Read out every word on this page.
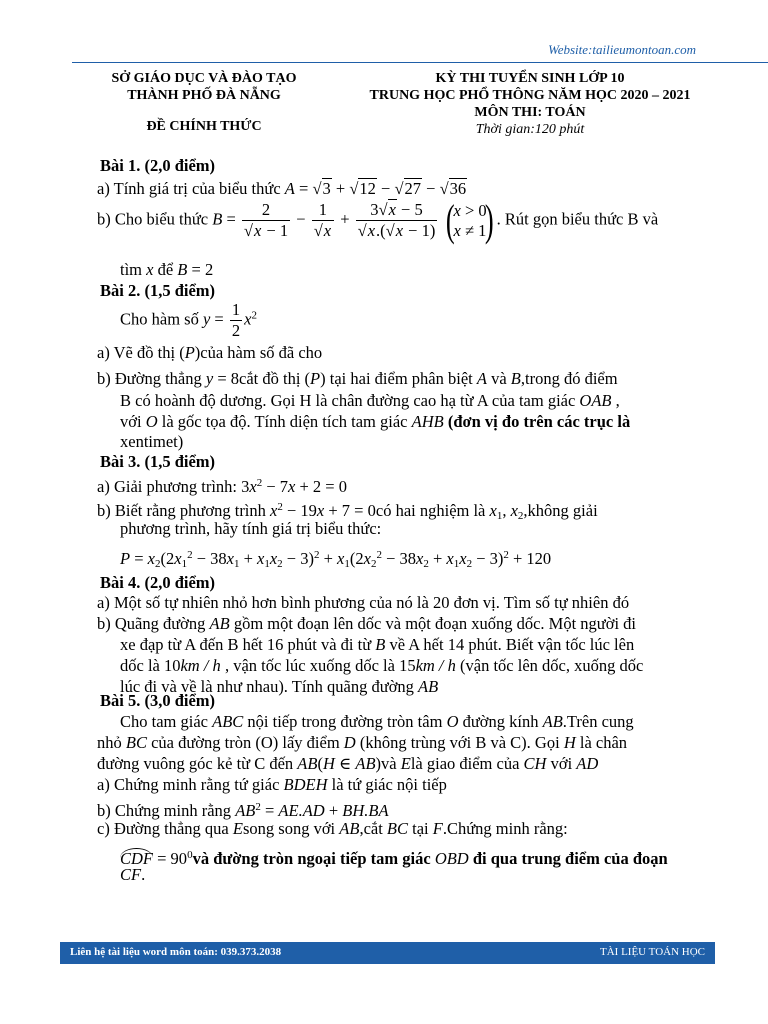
Website:tailieumontoan.com
SỞ GIÁO DỤC VÀ ĐÀO TẠO
THÀNH PHỐ ĐÀ NẴNG
ĐỀ CHÍNH THỨC
KỲ THI TUYỂN SINH LỚP 10
TRUNG HỌC PHỔ THÔNG NĂM HỌC 2020 – 2021
MÔN THI: TOÁN
Thời gian:120 phút
Bài 1. (2,0 điểm)
a) Tính giá trị của biểu thức A = √3 + √12 − √27 − √36
b) Cho biểu thức $B = \frac{2}{√x - 1} - \frac{1}{√x} + \frac{3√x - 5}{√x.(√x - 1)}$

( x > 0
x ≠ 1
). Rút gọn biểu thức B và
tìm x để B = 2
Bài 2. (1,5 điểm)
Cho hàm số $y = \frac{1}{2} x^2$
a) Vẽ đồ thị (P)của hàm số đã cho
b) Đường thẳng y = 8cắt đồ thị (P) tại hai điểm phân biệt A và B,trong đó điểm
B có hoành độ dương. Gọi H là chân đường cao hạ từ A của tam giác OAB ,
với O là gốc tọa độ. Tính diện tích tam giác AHB (đơn vị đo trên các trục là
xentimet)
Bài 3. (1,5 điểm)
a) Giải phương trình: $3x^2 - 7x + 2 = 0$
b) Biết rằng phương trình $x^2 - 19x + 7$ = 0có hai nghiệm là $x_1$, $x_2,không$ giải
phương trình, hãy tính giá trị biểu thức:
$P = x_2(2x_1^2 - 38x_1 + x_1x_2 - 3)^2 + x_1(2x_2^2 - 38x_2 + x_1x_2 - 3)^2 + 120$
Bài 4. (2,0 điểm)
a) Một số tự nhiên nhỏ hơn bình phương của nó là 20 đơn vị. Tìm số tự nhiên đó
b) Quãng đường AB gồm một đoạn lên dốc và một đoạn xuống dốc. Một người đi
xe đạp từ A đến B hết 16 phút và đi từ B về A hết 14 phút. Biết vận tốc lúc lên
dốc là 10km / h , vận tốc lúc xuống dốc là 15km / h (vận tốc lên dốc, xuống dốc
lúc đi và về là như nhau). Tính quãng đường AB
Bài 5. (3,0 điểm)
Cho tam giác ABC nội tiếp trong đường tròn tâm O đường kính AB.Trên cung
nhỏ BC của đường tròn (O) lấy điểm D (không trùng với B và C). Gọi H là chân
đường vuông góc kẻ từ C đến AB(H ∈ AB)và Elà giao điểm của CH với AD
a) Chứng minh rằng tứ giác BDEH là tứ giác nội tiếp
b) Chứng minh rằng $AB^2 = AE.AD + BH.BA$
c) Đường thẳng qua Esong song với AB,cắt BC tại F.Chứng minh rằng:
CDF = $90^0và$ đường tròn ngoại tiếp tam giác OBD đi qua trung điểm của đoạn
CF.
Liên hệ tài liệu word môn toán: 039.373.2038	TÀI LIỆU TOÁN HỌC
